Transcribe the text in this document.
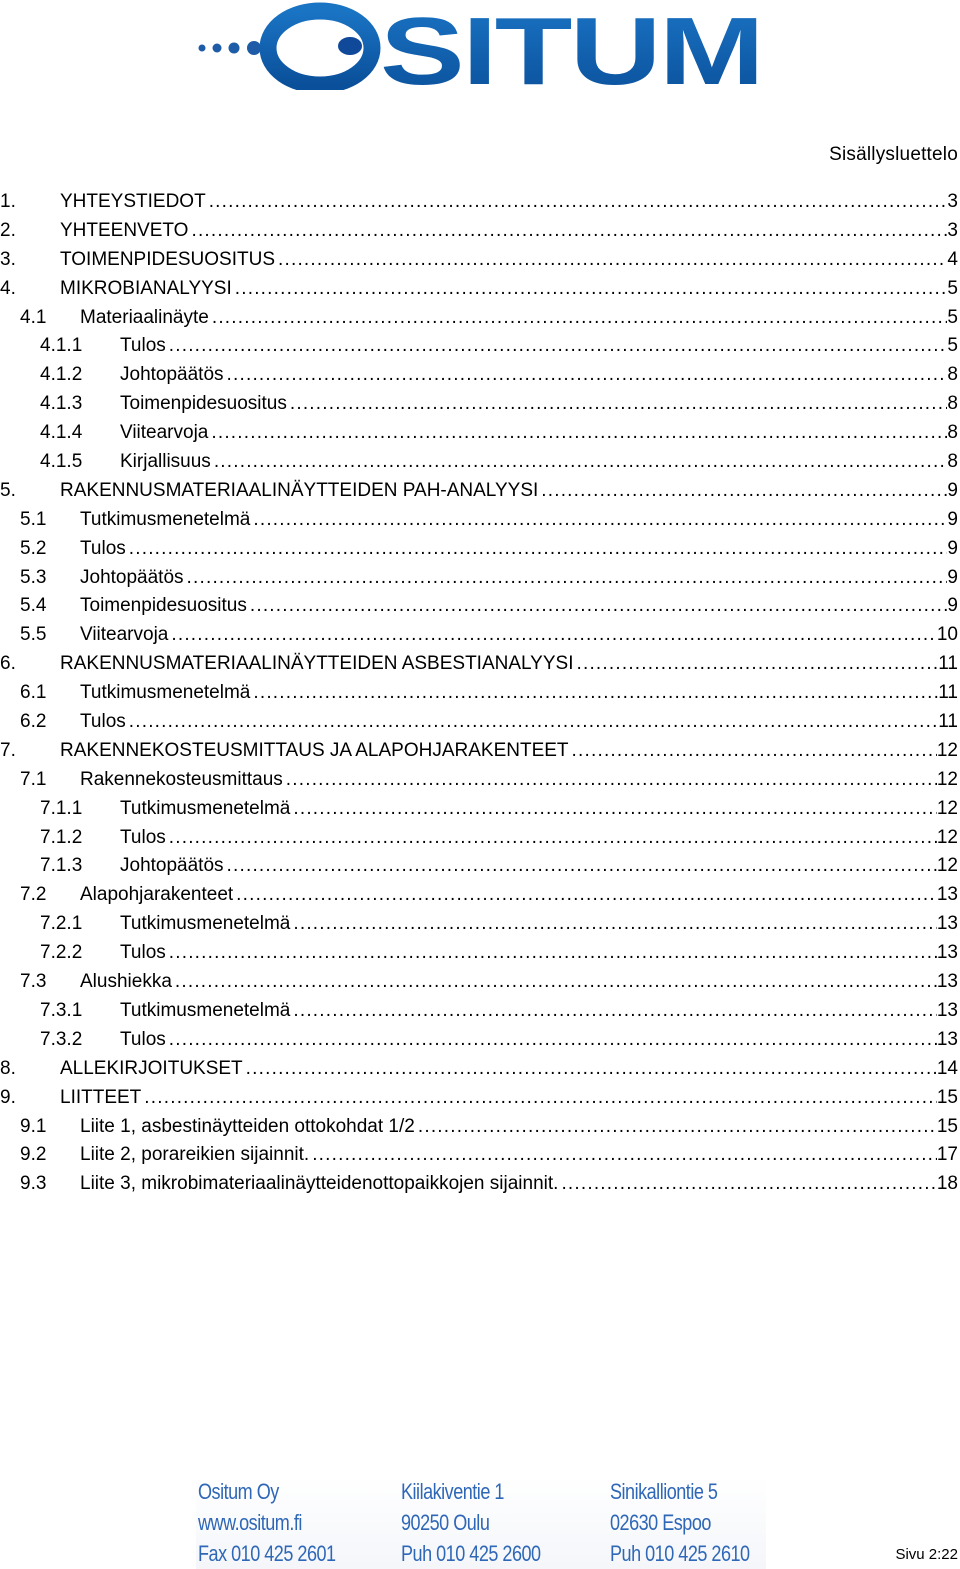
SITUM
Sisällysluettelo
1. YHTEYSTIEDOT .....	3
2. YHTEENVETO .....	3
3. TOIMENPIDESUOSITUS .....	4
4. MIKROBIANALYYSI .....	5
4.1 Materiaalinäyte .....	5
4.1.1 Tulos .....	5
4.1.2 Johtopäätös .....	8
4.1.3 Toimenpidesuositus .....	8
4.1.4 Viitearvoja .....	8
4.1.5 Kirjallisuus .....	8
5. RAKENNUSMATERIAALINÄYTTEIDEN PAH-ANALYYSI .....	9
5.1 Tutkimusmenetelmä .....	9
5.2 Tulos .....	9
5.3 Johtopäätös .....	9
5.4 Toimenpidesuositus .....	9
5.5 Viitearvoja .....	10
6. RAKENNUSMATERIAALINÄYTTEIDEN ASBESTIANALYYSI .....	11
6.1 Tutkimusmenetelmä .....	11
6.2 Tulos .....	11
7. RAKENNEKOSTEUSMITTAUS JA ALAPOHJARAKENTEET .....	12
7.1 Rakennekosteusmittaus .....	12
7.1.1 Tutkimusmenetelmä .....	12
7.1.2 Tulos .....	12
7.1.3 Johtopäätös .....	12
7.2 Alapohjarakenteet .....	13
7.2.1 Tutkimusmenetelmä .....	13
7.2.2 Tulos .....	13
7.3 Alushiekka .....	13
7.3.1 Tutkimusmenetelmä .....	13
7.3.2 Tulos .....	13
8. ALLEKIRJOITUKSET .....	14
9. LIITTEET .....	15
9.1 Liite 1, asbestinäytteiden ottokohdat 1/2 .....	15
9.2 Liite 2, porareikien sijainnit. .....	17
9.3 Liite 3, mikrobimateriaalinäytteidenottopaikkojen sijainnit. .....	18
Ositum Oy
www.ositum.fi
Fax 010 425 2601
Kiilakiventie 1
90250 Oulu
Puh 010 425 2600
Sinikalliontie 5
02630 Espoo
Puh 010 425 2610	Sivu 2:22
